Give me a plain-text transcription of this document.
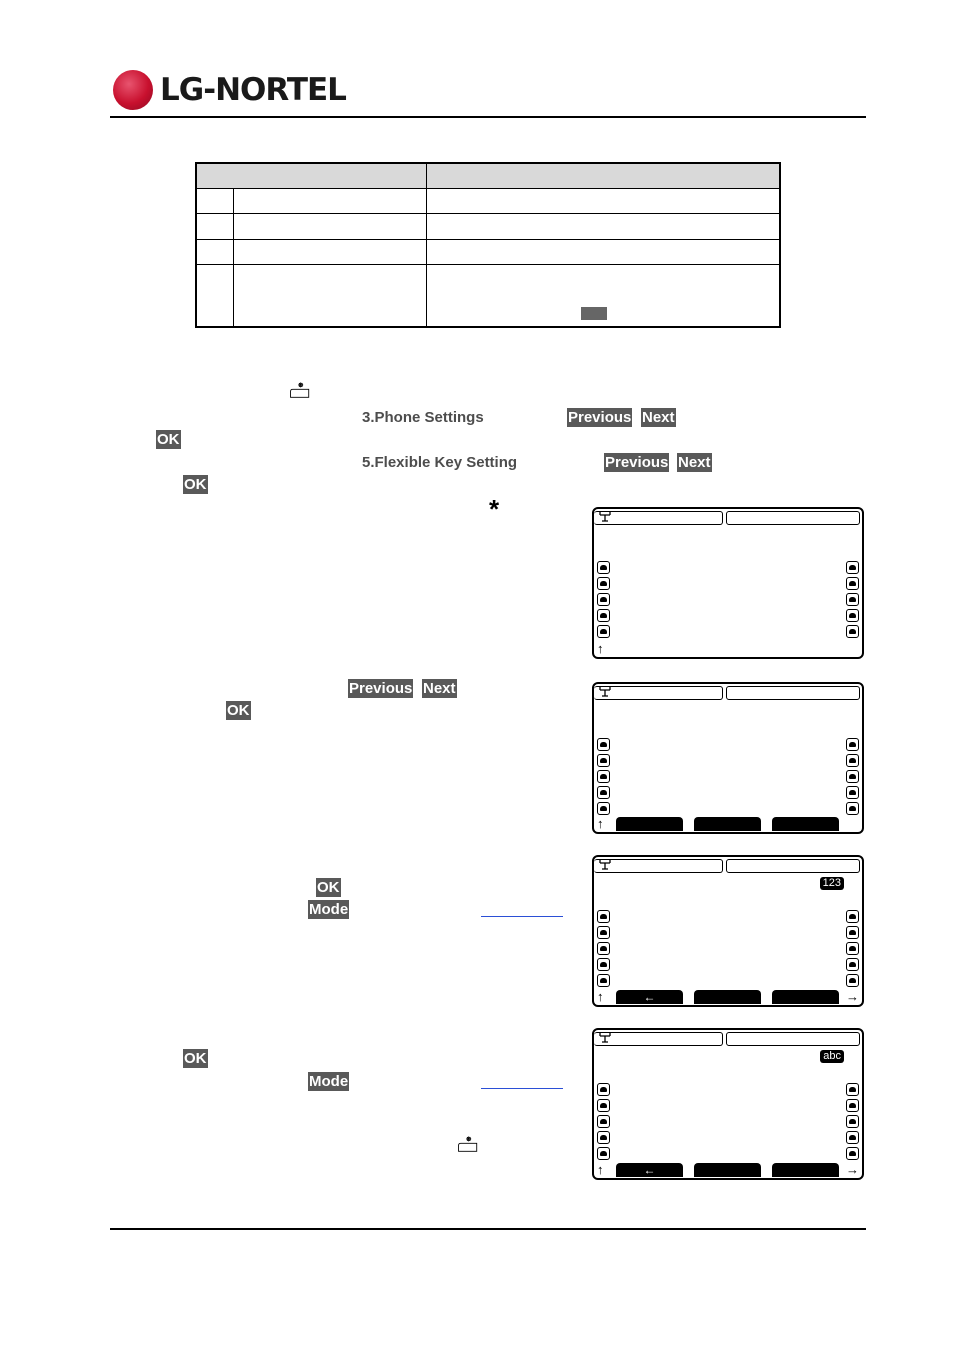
LG-NORTEL

3.Phone Settings	Previous Next
OK
5.Flexible Key Setting	Previous Next
OK
*
Previous Next
OK
OK
Mode
OK
Mode
↑
↑
123
←
↑	→
abc
←
↑	→
